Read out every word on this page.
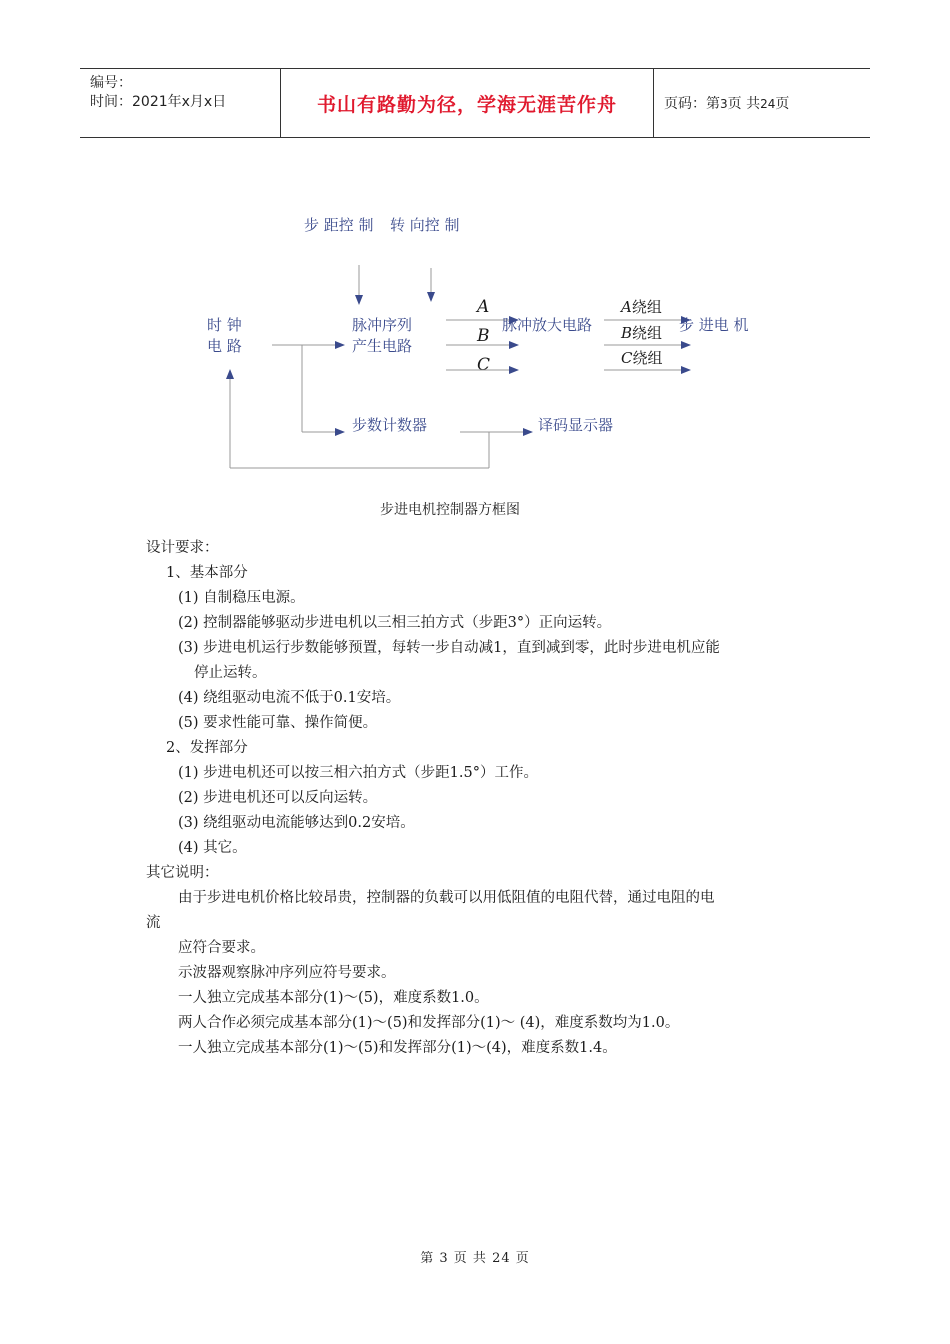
编号：
时间：2021年x月x日	书山有路勤为径，学海无涯苦作舟	页码：第3页 共24页
步 距控 制 转 向控 制
时 钟
电 路
脉冲序列
产生电路
A
B
C
脉冲放大电路
A绕组
B绕组
C绕组
步 进电 机
步数计数器	译码显示器
步进电机控制器方框图

设计要求：

1、基本部分

(1) 自制稳压电源。

(2) 控制器能够驱动步进电机以三相三拍方式（步距3°）正向运转。

(3) 步进电机运行步数能够预置，每转一步自动减1，直到减到零，此时步进电机应能

停止运转。

(4) 绕组驱动电流不低于0.1安培。

(5) 要求性能可靠、操作简便。

2、发挥部分

(1) 步进电机还可以按三相六拍方式（步距1.5°）工作。

(2) 步进电机还可以反向运转。

(3) 绕组驱动电流能够达到0.2安培。

(4) 其它。

其它说明：

由于步进电机价格比较昂贵，控制器的负载可以用低阻值的电阻代替，通过电阻的电

流

应符合要求。

示波器观察脉冲序列应符号要求。

一人独立完成基本部分(1)～(5)，难度系数1.0。

两人合作必须完成基本部分(1)～(5)和发挥部分(1)～ (4)，难度系数均为1.0。

一人独立完成基本部分(1)～(5)和发挥部分(1)～(4)，难度系数1.4。

第 3 页 共 24 页
